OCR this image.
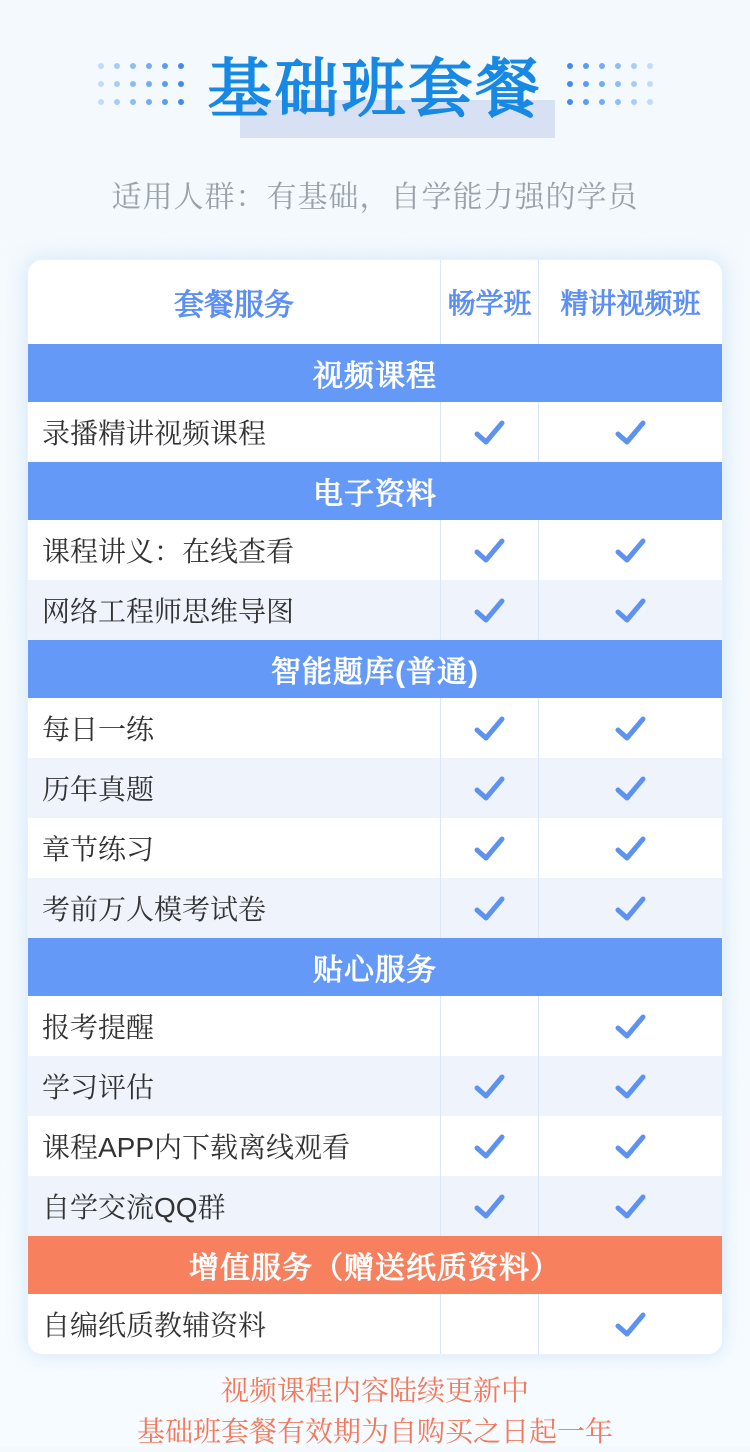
基础班套餐

适用人群：有基础，自学能力强的学员

套餐服务	畅学班	精讲视频班
视频课程
录播精讲视频课程
电子资料
课程讲义：在线查看
网络工程师思维导图
智能题库(普通)
每日一练
历年真题
章节练习
考前万人模考试卷
贴心服务
报考提醒
学习评估
课程APP内下载离线观看
自学交流QQ群
增值服务（赠送纸质资料）
自编纸质教辅资料

视频课程内容陆续更新中

基础班套餐有效期为自购买之日起一年
